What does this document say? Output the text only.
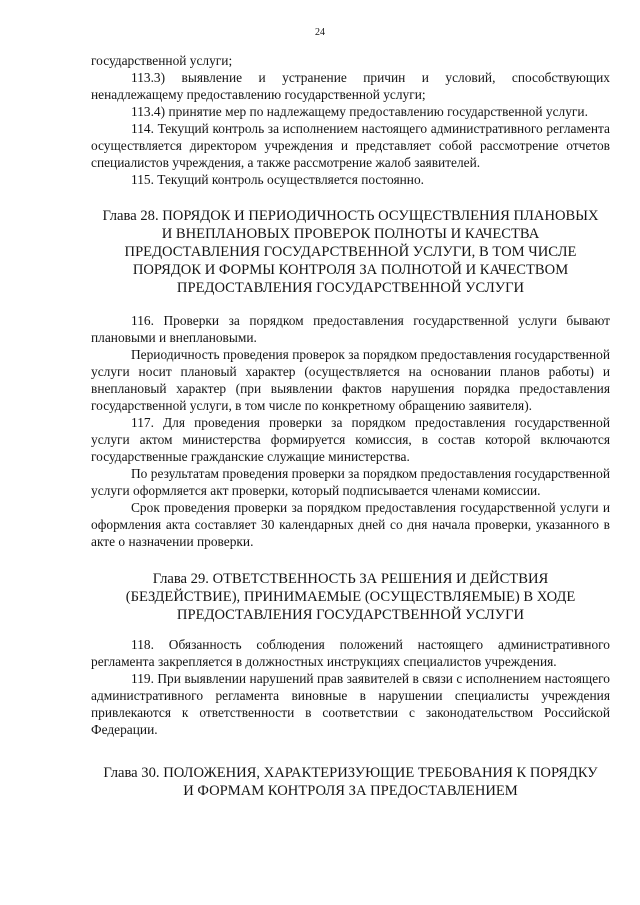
24

государственной услуги;

113.3) выявление и устранение причин и условий, способствующих ненадлежащему предоставлению государственной услуги;

113.4) принятие мер по надлежащему предоставлению государственной услуги.

114. Текущий контроль за исполнением настоящего административного регламента осуществляется директором учреждения и представляет собой рассмотрение отчетов специалистов учреждения, а также рассмотрение жалоб заявителей.

115. Текущий контроль осуществляется постоянно.

Глава 28. ПОРЯДОК И ПЕРИОДИЧНОСТЬ ОСУЩЕСТВЛЕНИЯ ПЛАНОВЫХ И ВНЕПЛАНОВЫХ ПРОВЕРОК ПОЛНОТЫ И КАЧЕСТВА ПРЕДОСТАВЛЕНИЯ ГОСУДАРСТВЕННОЙ УСЛУГИ, В ТОМ ЧИСЛЕ ПОРЯДОК И ФОРМЫ КОНТРОЛЯ ЗА ПОЛНОТОЙ И КАЧЕСТВОМ ПРЕДОСТАВЛЕНИЯ ГОСУДАРСТВЕННОЙ УСЛУГИ

116. Проверки за порядком предоставления государственной услуги бывают плановыми и внеплановыми.

Периодичность проведения проверок за порядком предоставления государственной услуги носит плановый характер (осуществляется на основании планов работы) и внеплановый характер (при выявлении фактов нарушения порядка предоставления государственной услуги, в том числе по конкретному обращению заявителя).

117. Для проведения проверки за порядком предоставления государственной услуги актом министерства формируется комиссия, в состав которой включаются государственные гражданские служащие министерства.

По результатам проведения проверки за порядком предоставления государственной услуги оформляется акт проверки, который подписывается членами комиссии.

Срок проведения проверки за порядком предоставления государственной услуги и оформления акта составляет 30 календарных дней со дня начала проверки, указанного в акте о назначении проверки.

Глава 29. ОТВЕТСТВЕННОСТЬ ЗА РЕШЕНИЯ И ДЕЙСТВИЯ (БЕЗДЕЙСТВИЕ), ПРИНИМАЕМЫЕ (ОСУЩЕСТВЛЯЕМЫЕ) В ХОДЕ ПРЕДОСТАВЛЕНИЯ ГОСУДАРСТВЕННОЙ УСЛУГИ

118. Обязанность соблюдения положений настоящего административного регламента закрепляется в должностных инструкциях специалистов учреждения.

119. При выявлении нарушений прав заявителей в связи с исполнением настоящего административного регламента виновные в нарушении специалисты учреждения привлекаются к ответственности в соответствии с законодательством Российской Федерации.

Глава 30. ПОЛОЖЕНИЯ, ХАРАКТЕРИЗУЮЩИЕ ТРЕБОВАНИЯ К ПОРЯДКУ И ФОРМАМ КОНТРОЛЯ ЗА ПРЕДОСТАВЛЕНИЕМ
